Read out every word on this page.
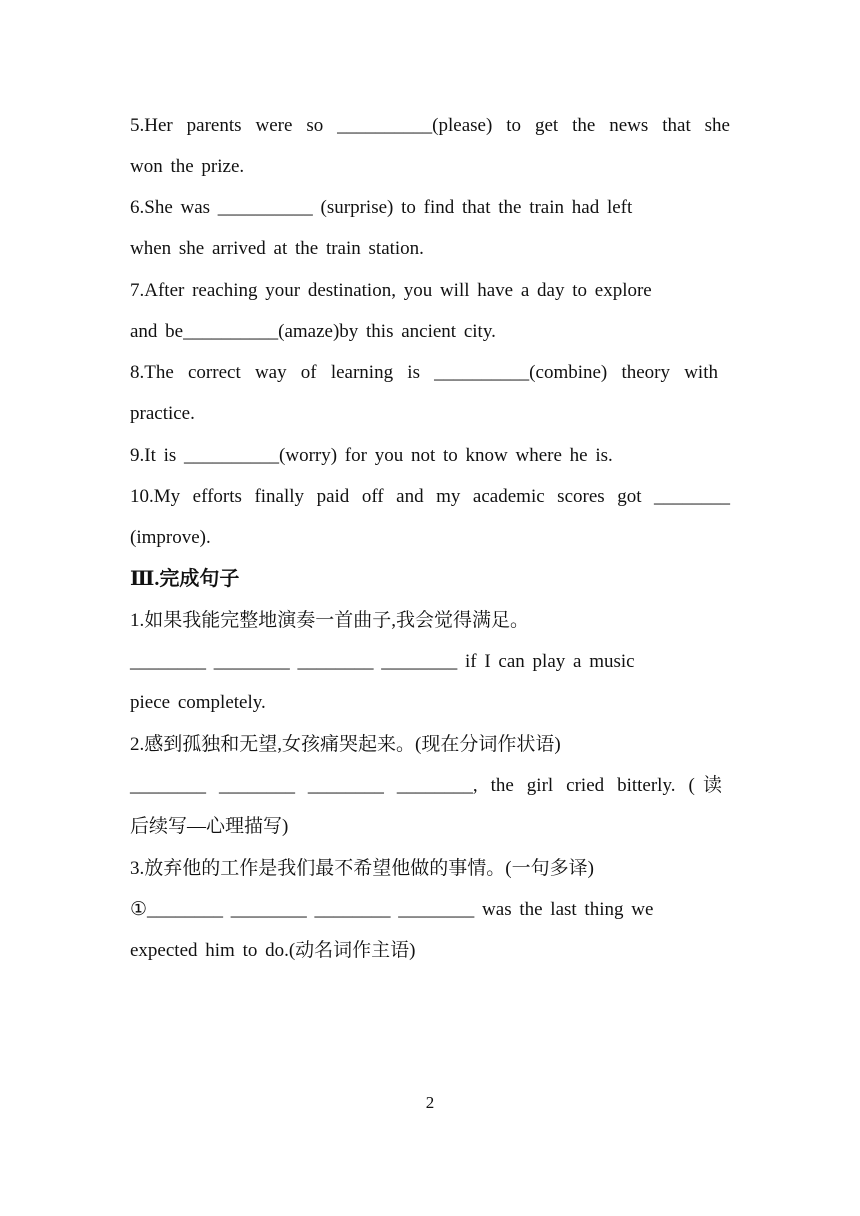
5.Her parents were so __________(please) to get the news that she
won the prize.
6.She was __________ (surprise) to find that the train had left
when she arrived at the train station.
7.After reaching your destination, you will have a day to explore
and be__________(amaze)by this ancient city.
8.The correct way of learning is __________(combine) theory with
practice.
9.It is __________(worry) for you not to know where he is.
10.My efforts finally paid off and my academic scores got ________
(improve).
Ⅲ.完成句子
1.如果我能完整地演奏一首曲子,我会觉得满足。
________ ________ ________ ________ if I can play a music
piece completely.
2.感到孤独和无望,女孩痛哭起来。(现在分词作状语)
________ ________ ________ ________, the girl cried bitterly. (读
后续写—心理描写)
3.放弃他的工作是我们最不希望他做的事情。(一句多译)
①________ ________ ________ ________ was the last thing we
expected him to do.(动名词作主语)
2
